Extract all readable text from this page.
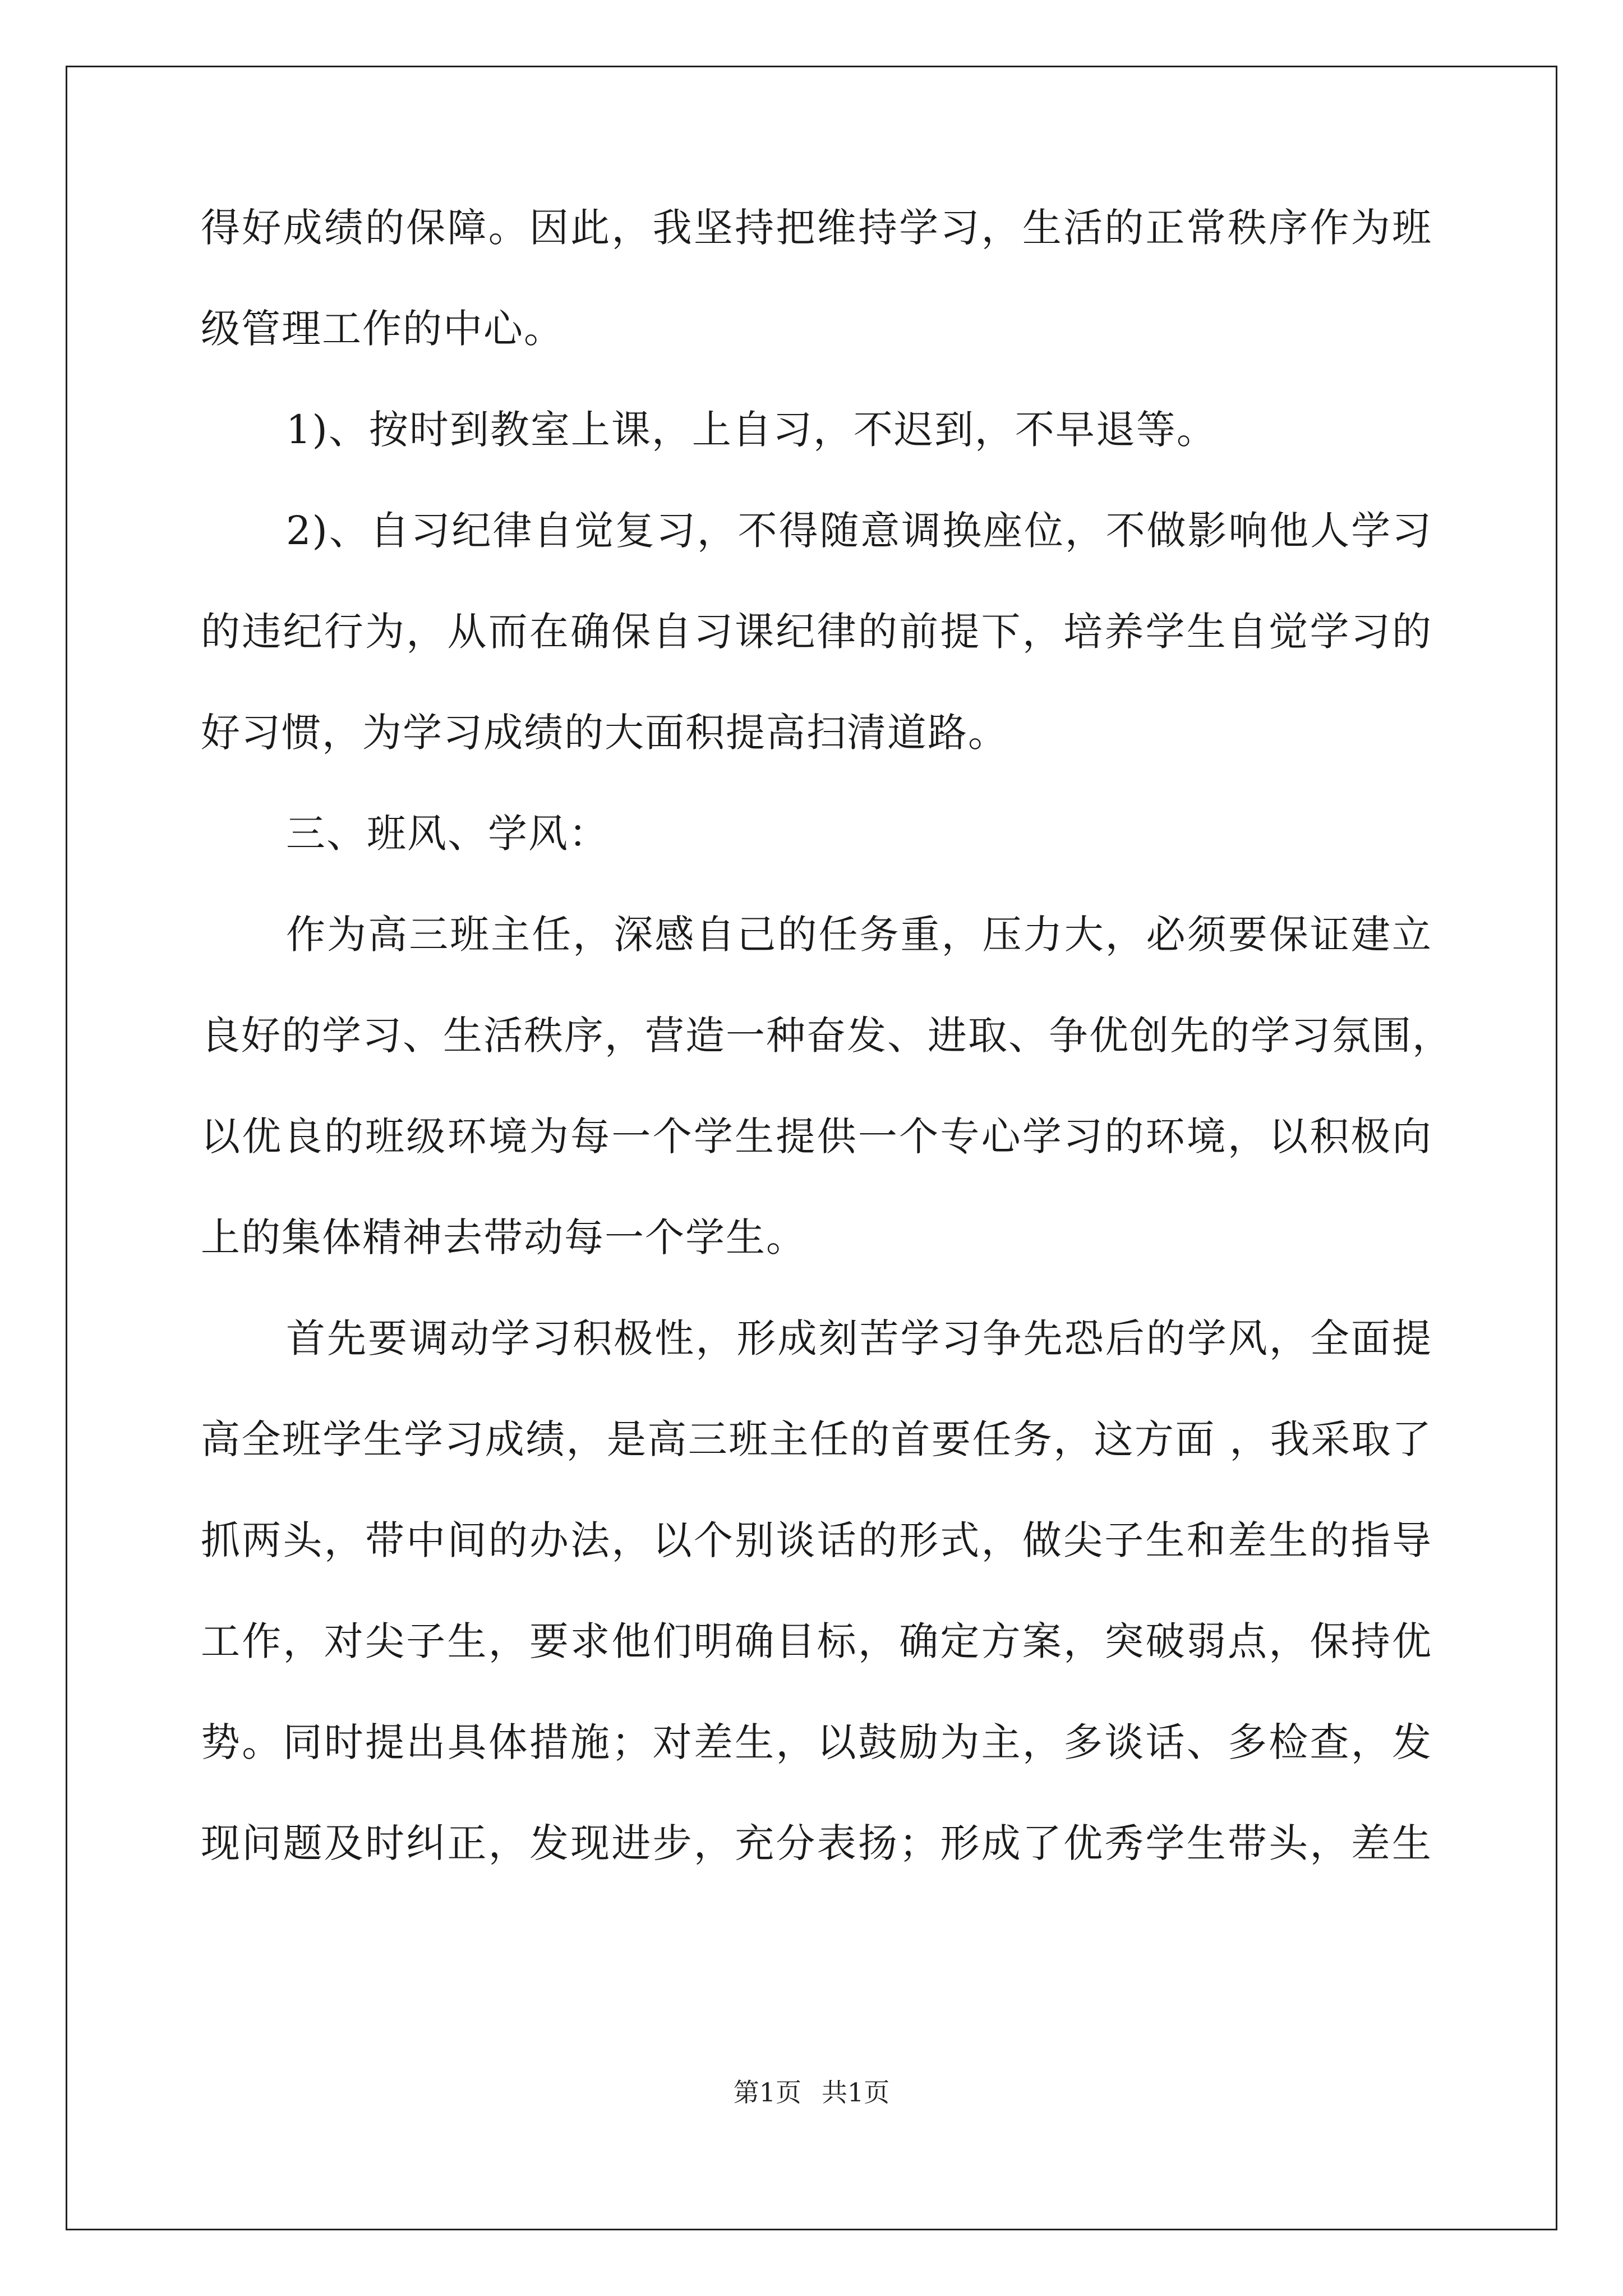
得好成绩的保障。因此，我坚持把维持学习，生活的正常秩序作为班
级管理工作的中心。
1)、按时到教室上课，上自习，不迟到，不早退等。
2)、自习纪律自觉复习，不得随意调换座位，不做影响他人学习
的违纪行为，从而在确保自习课纪律的前提下，培养学生自觉学习的
好习惯，为学习成绩的大面积提高扫清道路。
三、班风、学风：
作为高三班主任，深感自己的任务重，压力大，必须要保证建立
良好的学习、生活秩序，营造一种奋发、进取、争优创先的学习氛围，
以优良的班级环境为每一个学生提供一个专心学习的环境，以积极向
上的集体精神去带动每一个学生。
首先要调动学习积极性，形成刻苦学习争先恐后的学风，全面提
高全班学生学习成绩，是高三班主任的首要任务，这方面 ，我采取了
抓两头，带中间的办法，以个别谈话的形式，做尖子生和差生的指导
工作，对尖子生，要求他们明确目标，确定方案，突破弱点，保持优
势。同时提出具体措施；对差生，以鼓励为主，多谈话、多检查，发
现问题及时纠正，发现进步，充分表扬；形成了优秀学生带头，差生
第1页 共1页
